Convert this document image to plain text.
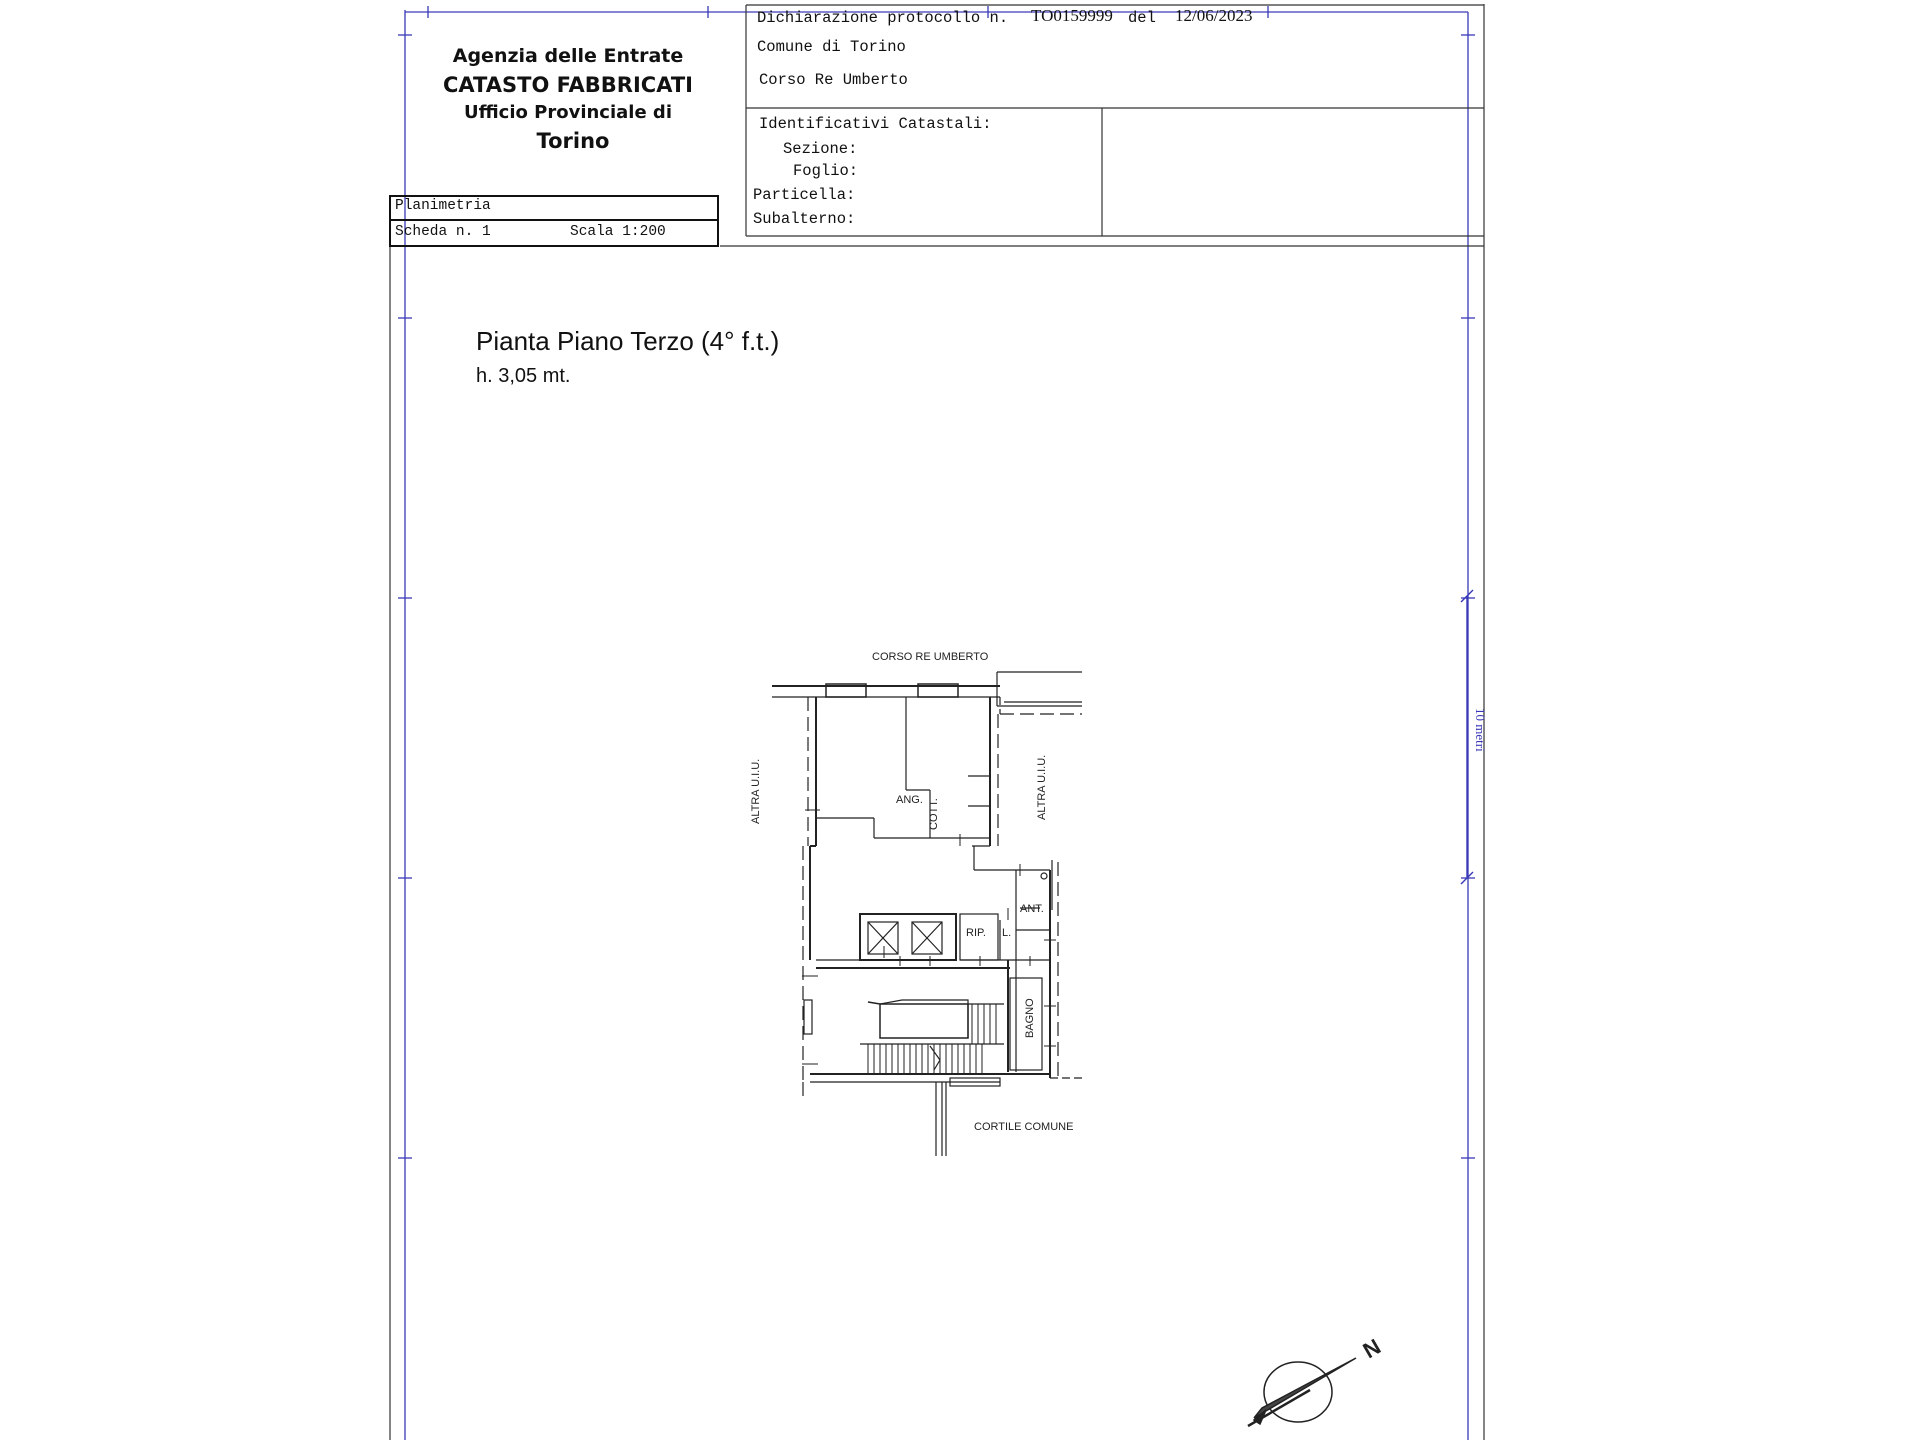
Agenzia delle Entrate
CATASTO FABBRICATI
Ufficio Provinciale di
Torino
Planimetria
Scheda n. 1	Scala 1:200
Dichiarazione protocollo n. TO0159999 del 12/06/2023
Comune di Torino
Corso Re Umberto
Identificativi Catastali:
Sezione:
Foglio:
Particella:
Subalterno:
Pianta Piano Terzo (4° f.t.)
h. 3,05 mt.
CORSO RE UMBERTO
ALTRA U.I.U.	ALTRA U.I.U.
ANG. COTT.
ANT.
RIP. L.
BAGNO
CORTILE COMUNE
10 metri
N
